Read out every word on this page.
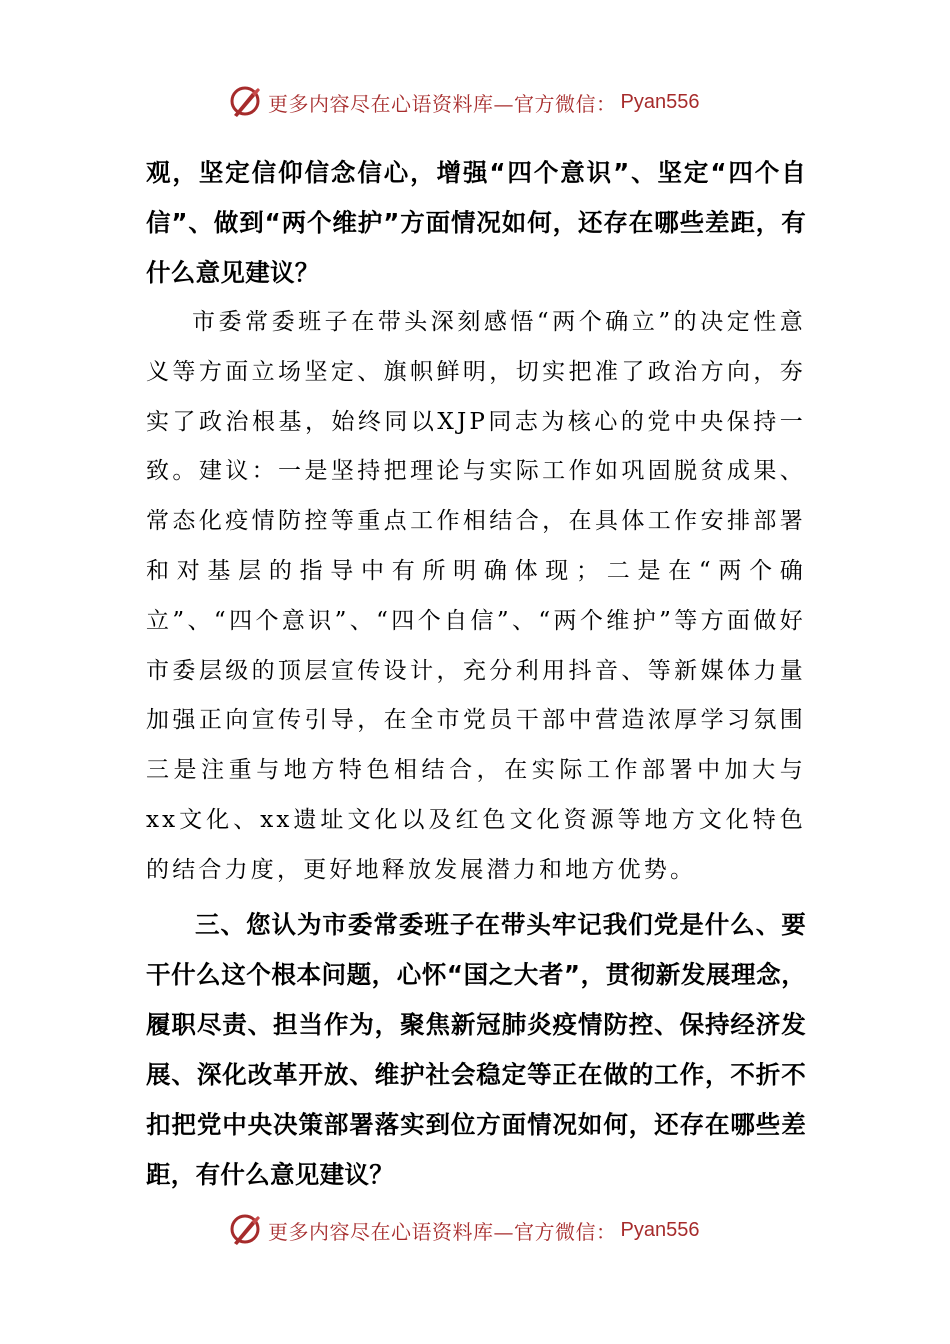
更多内容尽在心语资料库—官方微信： Pyan556

观，坚定信仰信念信心，增强“四个意识”、坚定“四个自信”、做到“两个维护”方面情况如何，还存在哪些差距，有什么意见建议？

市委常委班子在带头深刻感悟“两个确立”的决定性意义等方面立场坚定、旗帜鲜明，切实把准了政治方向，夯实了政治根基，始终同以XJP同志为核心的党中央保持一致。建议：一是坚持把理论与实际工作如巩固脱贫成果、常态化疫情防控等重点工作相结合，在具体工作安排部署和对基层的指导中有所明确体现；二是在“两个确立”、“四个意识”、“四个自信”、“两个维护”等方面做好市委层级的顶层宣传设计，充分利用抖音、等新媒体力量加强正向宣传引导，在全市党员干部中营造浓厚学习氛围三是注重与地方特色相结合，在实际工作部署中加大与xx文化、xx遗址文化以及红色文化资源等地方文化特色的结合力度，更好地释放发展潜力和地方优势。

三、您认为市委常委班子在带头牢记我们党是什么、要干什么这个根本问题，心怀“国之大者”，贯彻新发展理念，履职尽责、担当作为，聚焦新冠肺炎疫情防控、保持经济发展、深化改革开放、维护社会稳定等正在做的工作，不折不扣把党中央决策部署落实到位方面情况如何，还存在哪些差距，有什么意见建议？

更多内容尽在心语资料库—官方微信： Pyan556
